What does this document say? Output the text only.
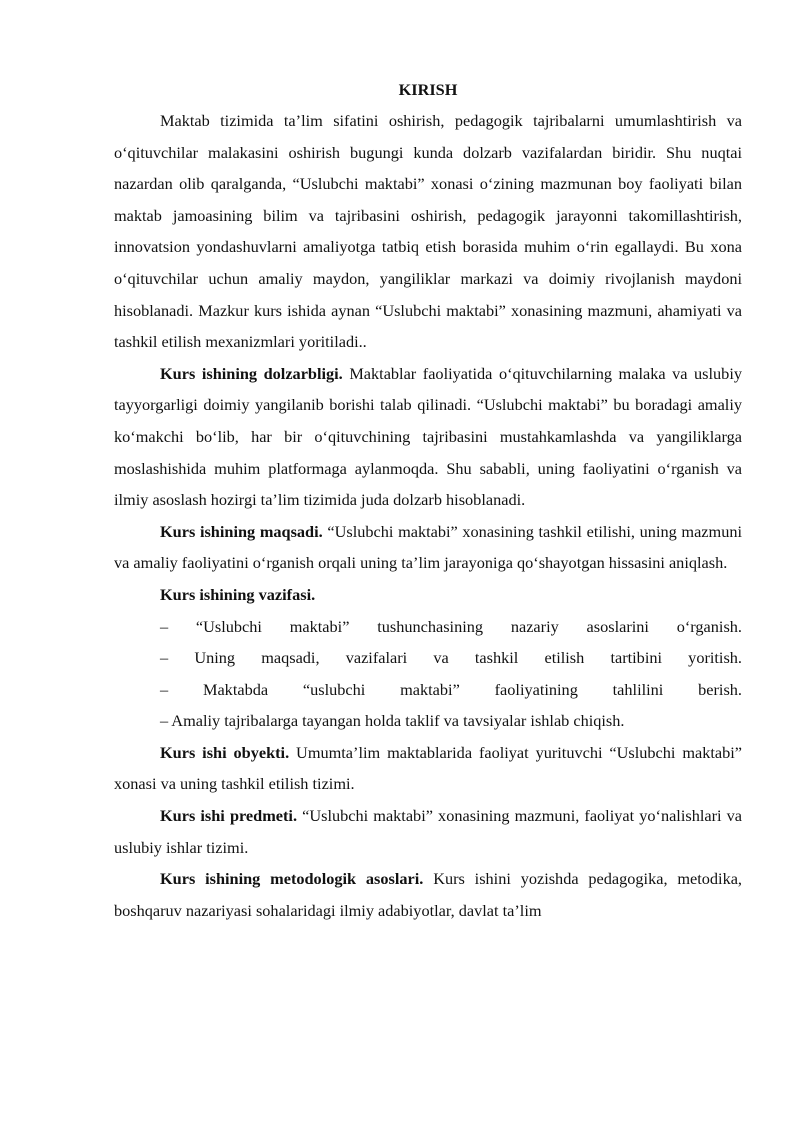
KIRISH

Maktab tizimida ta’lim sifatini oshirish, pedagogik tajribalarni umumlashtirish va o‘qituvchilar malakasini oshirish bugungi kunda dolzarb vazifalardan biridir. Shu nuqtai nazardan olib qaralganda, “Uslubchi maktabi” xonasi o‘zining mazmunan boy faoliyati bilan maktab jamoasining bilim va tajribasini oshirish, pedagogik jarayonni takomillashtirish, innovatsion yondashuvlarni amaliyotga tatbiq etish borasida muhim o‘rin egallaydi. Bu xona o‘qituvchilar uchun amaliy maydon, yangiliklar markazi va doimiy rivojlanish maydoni hisoblanadi. Mazkur kurs ishida aynan “Uslubchi maktabi” xonasining mazmuni, ahamiyati va tashkil etilish mexanizmlari yoritiladi..

Kurs ishining dolzarbligi. Maktablar faoliyatida o‘qituvchilarning malaka va uslubiy tayyorgarligi doimiy yangilanib borishi talab qilinadi. “Uslubchi maktabi” bu boradagi amaliy ko‘makchi bo‘lib, har bir o‘qituvchining tajribasini mustahkamlashda va yangiliklarga moslashishida muhim platformaga aylanmoqda. Shu sababli, uning faoliyatini o‘rganish va ilmiy asoslash hozirgi ta’lim tizimida juda dolzarb hisoblanadi.

Kurs ishining maqsadi. “Uslubchi maktabi” xonasining tashkil etilishi, uning mazmuni va amaliy faoliyatini o‘rganish orqali uning ta’lim jarayoniga qo‘shayotgan hissasini aniqlash.

Kurs ishining vazifasi.

– “Uslubchi maktabi” tushunchasining nazariy asoslarini o‘rganish.

– Uning maqsadi, vazifalari va tashkil etilish tartibini yoritish.

– Maktabda “uslubchi maktabi” faoliyatining tahlilini berish.

– Amaliy tajribalarga tayangan holda taklif va tavsiyalar ishlab chiqish.

Kurs ishi obyekti. Umumta’lim maktablarida faoliyat yurituvchi “Uslubchi maktabi” xonasi va uning tashkil etilish tizimi.

Kurs ishi predmeti. “Uslubchi maktabi” xonasining mazmuni, faoliyat yo‘nalishlari va uslubiy ishlar tizimi.

Kurs ishining metodologik asoslari. Kurs ishini yozishda pedagogika, metodika, boshqaruv nazariyasi sohalaridagi ilmiy adabiyotlar, davlat ta’lim
